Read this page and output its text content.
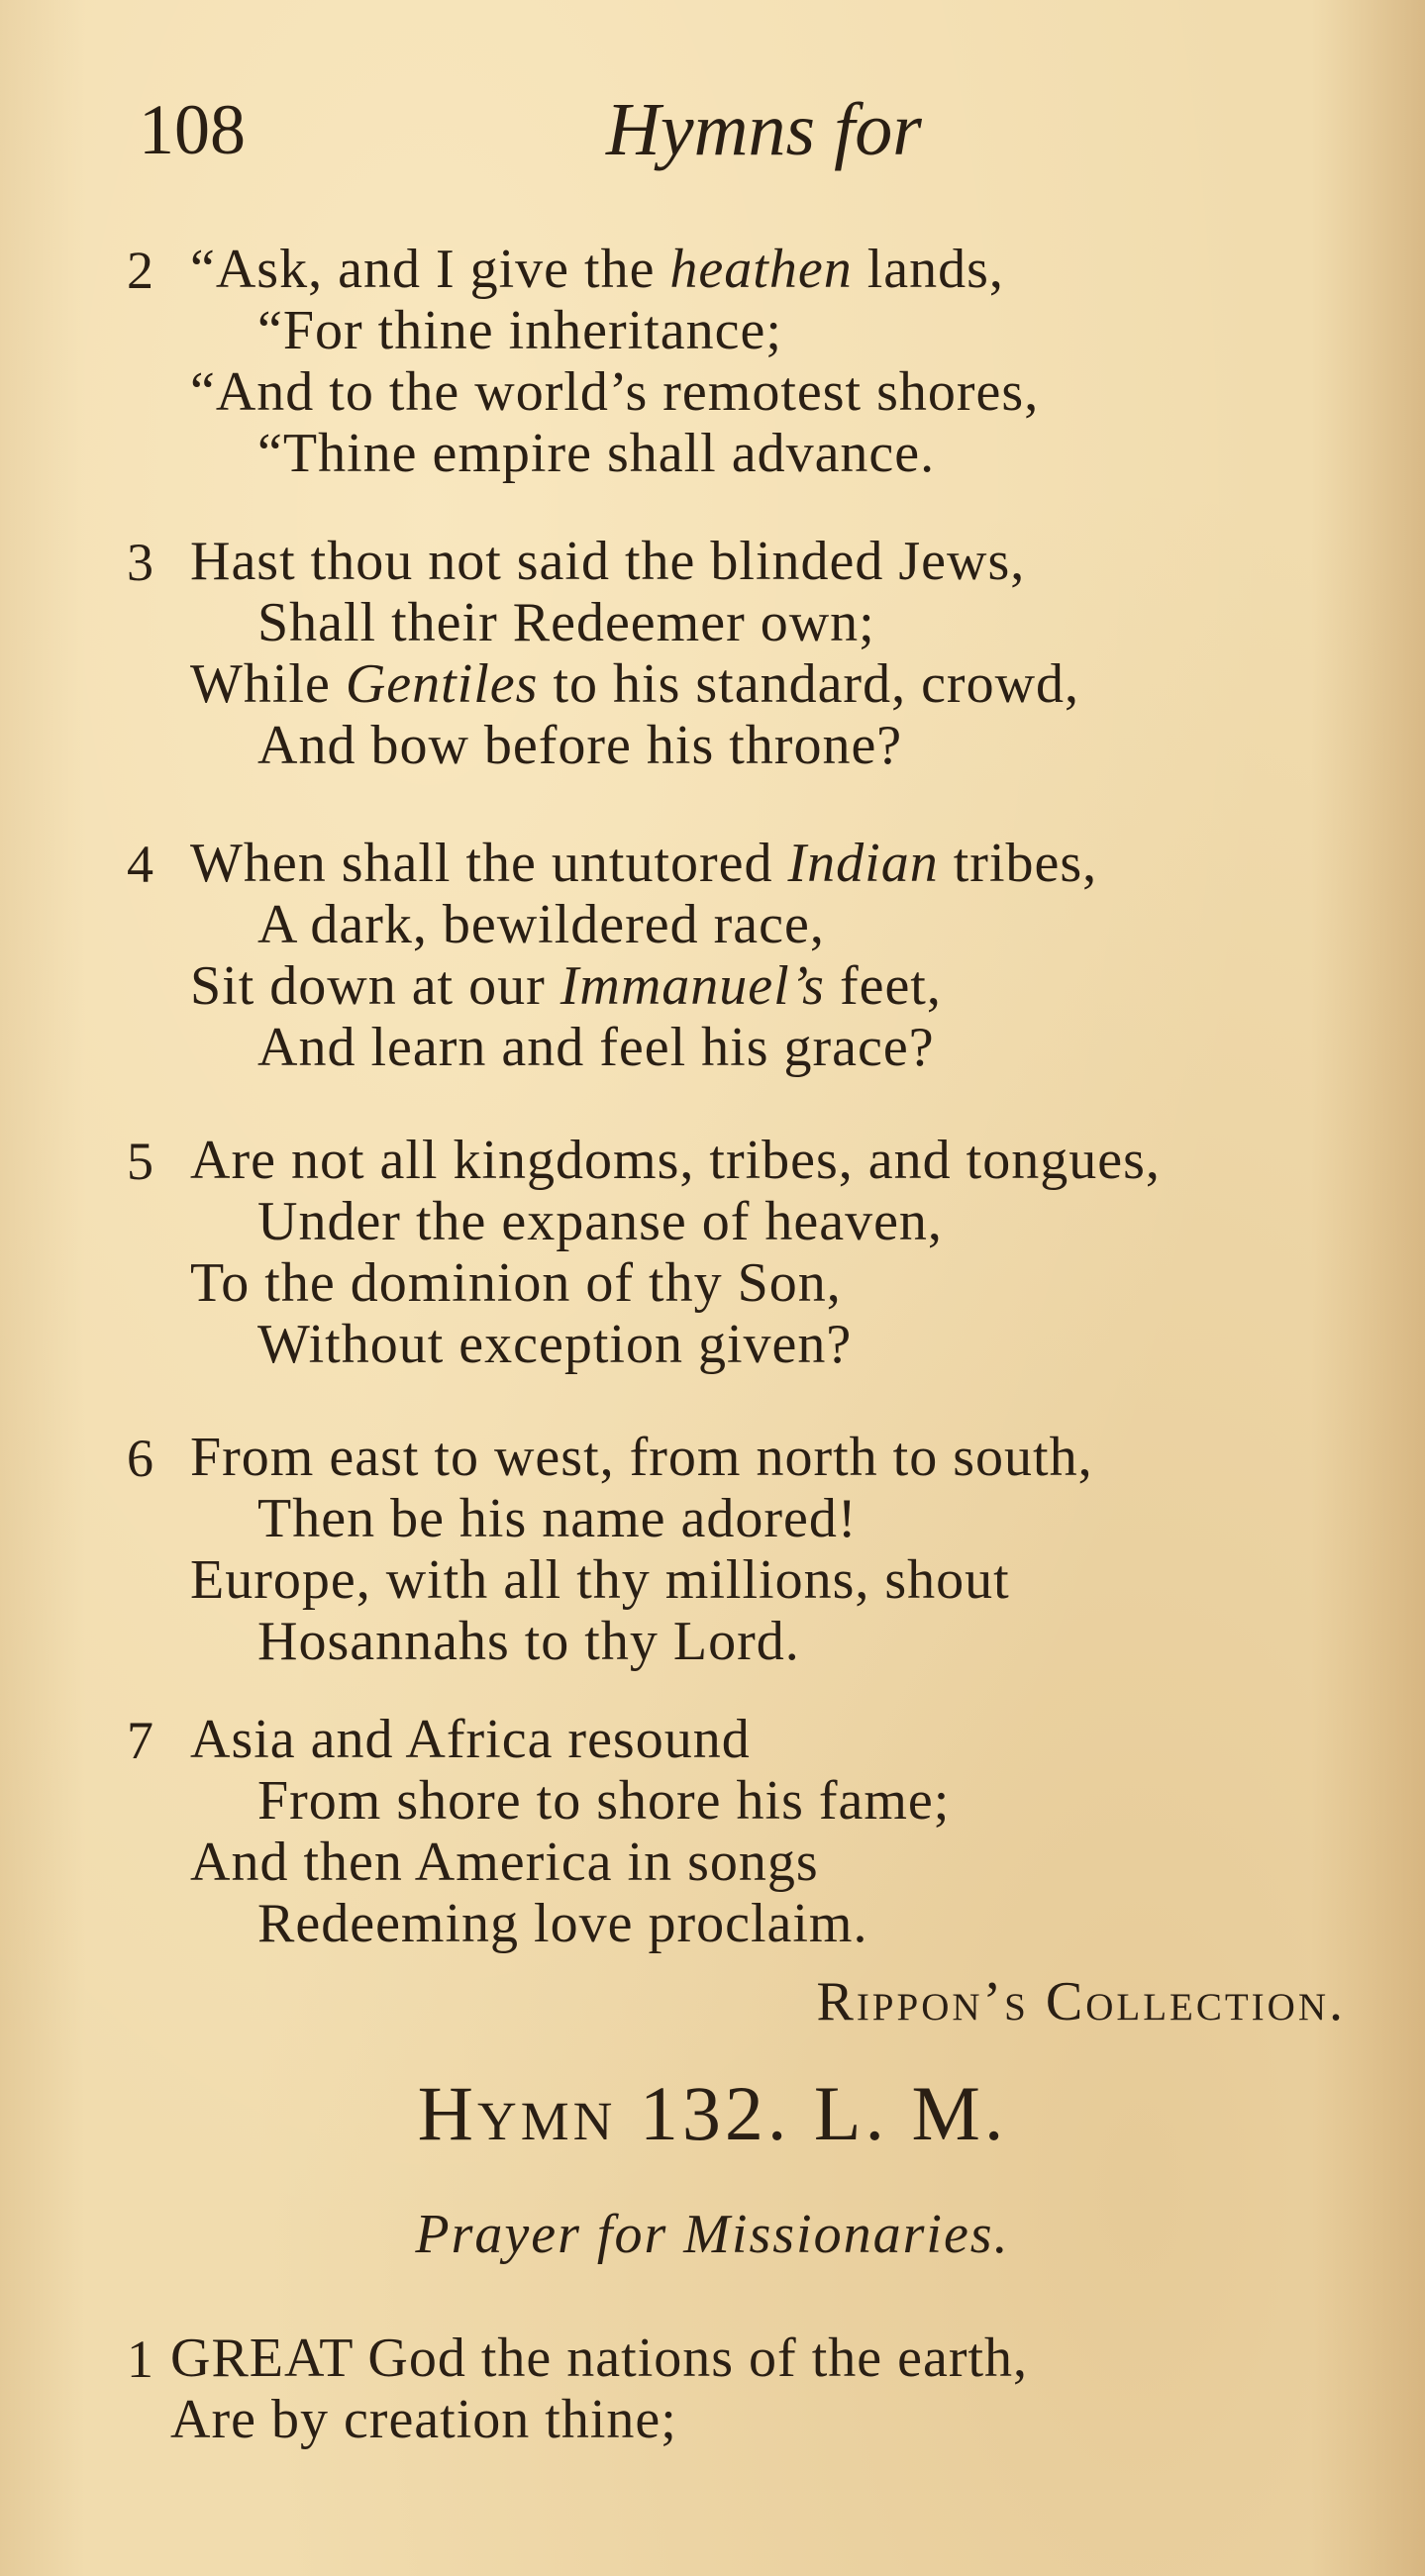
108	Hymns for
2 “Ask, and I give the heathen lands,
“For thine inheritance;
“And to the world’s remotest shores,
“Thine empire shall advance.
3 Hast thou not said the blinded Jews,
Shall their Redeemer own;
While Gentiles to his standard, crowd,
And bow before his throne?
4 When shall the untutored Indian tribes,
A dark, bewildered race,
Sit down at our Immanuel’s feet,
And learn and feel his grace?
5 Are not all kingdoms, tribes, and tongues,
Under the expanse of heaven,
To the dominion of thy Son,
Without exception given?
6 From east to west, from north to south,
Then be his name adored!
Europe, with all thy millions, shout
Hosannahs to thy Lord.
7 Asia and Africa resound
From shore to shore his fame;
And then America in songs
Redeeming love proclaim.
Rippon’s Collection.
Hymn 132. L. M.
Prayer for Missionaries.
1 GREAT God the nations of the earth,
Are by creation thine;
